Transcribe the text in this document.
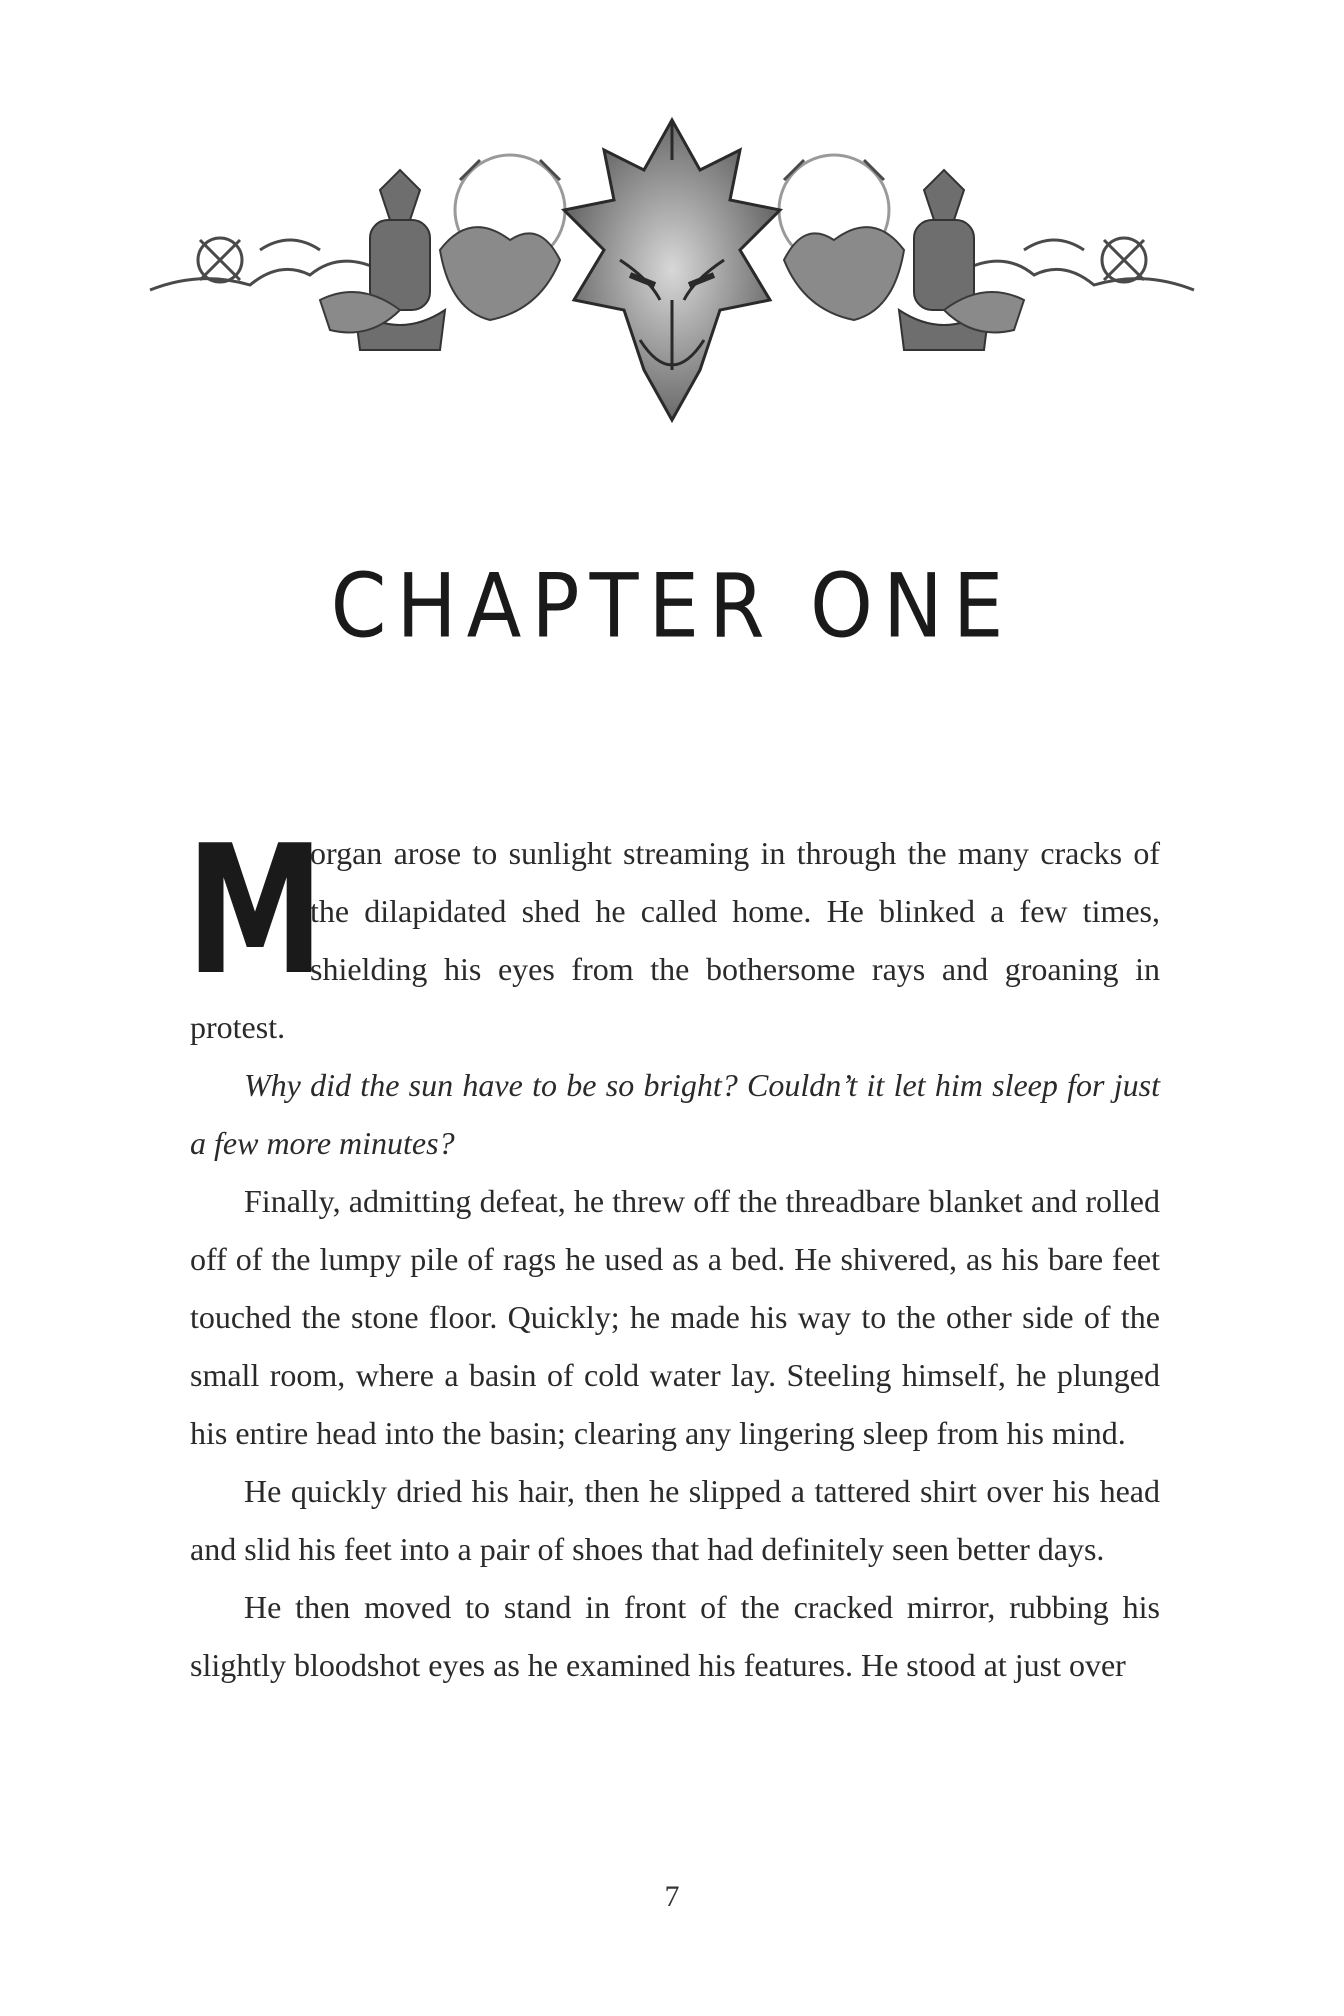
CHAPTER ONE

M
organ arose to sunlight streaming in through the many cracks of the dilapidated shed he called home. He blinked a few times, shielding his eyes from the bothersome rays and groaning in protest.

Why did the sun have to be so bright? Couldn’t it let him sleep for just a few more minutes?

Finally, admitting defeat, he threw off the threadbare blanket and rolled off of the lumpy pile of rags he used as a bed. He shivered, as his bare feet touched the stone floor. Quickly; he made his way to the other side of the small room, where a basin of cold water lay. Steeling himself, he plunged his entire head into the basin; clearing any lingering sleep from his mind.

He quickly dried his hair, then he slipped a tattered shirt over his head and slid his feet into a pair of shoes that had definitely seen better days.

He then moved to stand in front of the cracked mirror, rubbing his slightly bloodshot eyes as he examined his features. He stood at just over

7
